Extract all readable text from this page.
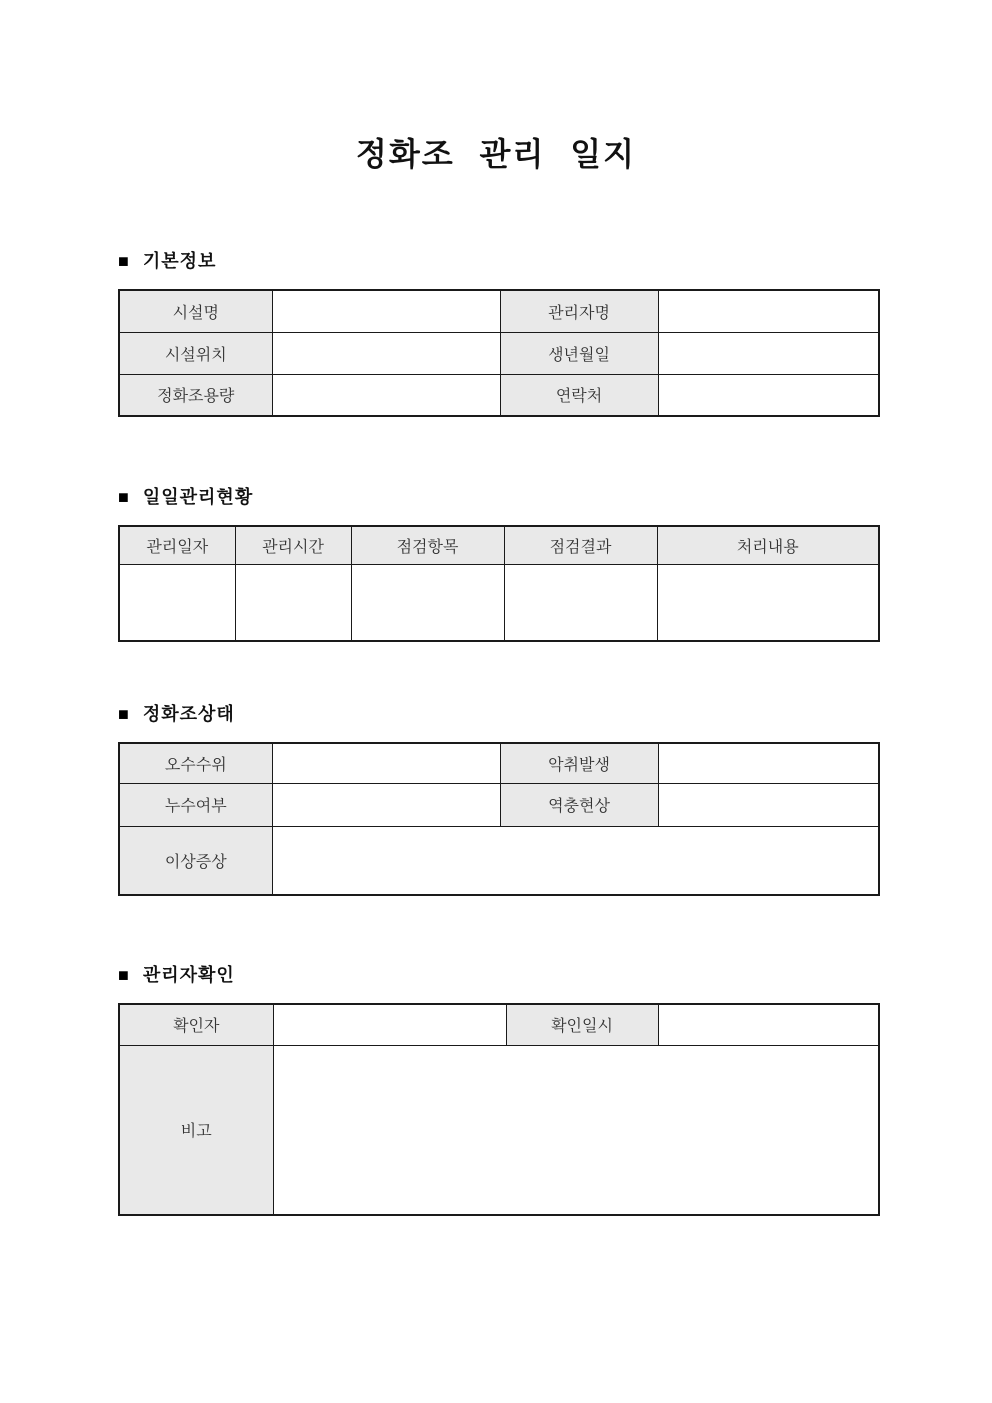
정화조 관리 일지
■ 기본정보
시설명		관리자명	
시설위치		생년월일	
정화조용량		연락처	
■ 일일관리현황
관리일자	관리시간	점검항목	점검결과	처리내용

■ 정화조상태
오수수위		악취발생	
누수여부		역충현상	
이상증상			
■ 관리자확인
확인자		확인일시	
비고			
